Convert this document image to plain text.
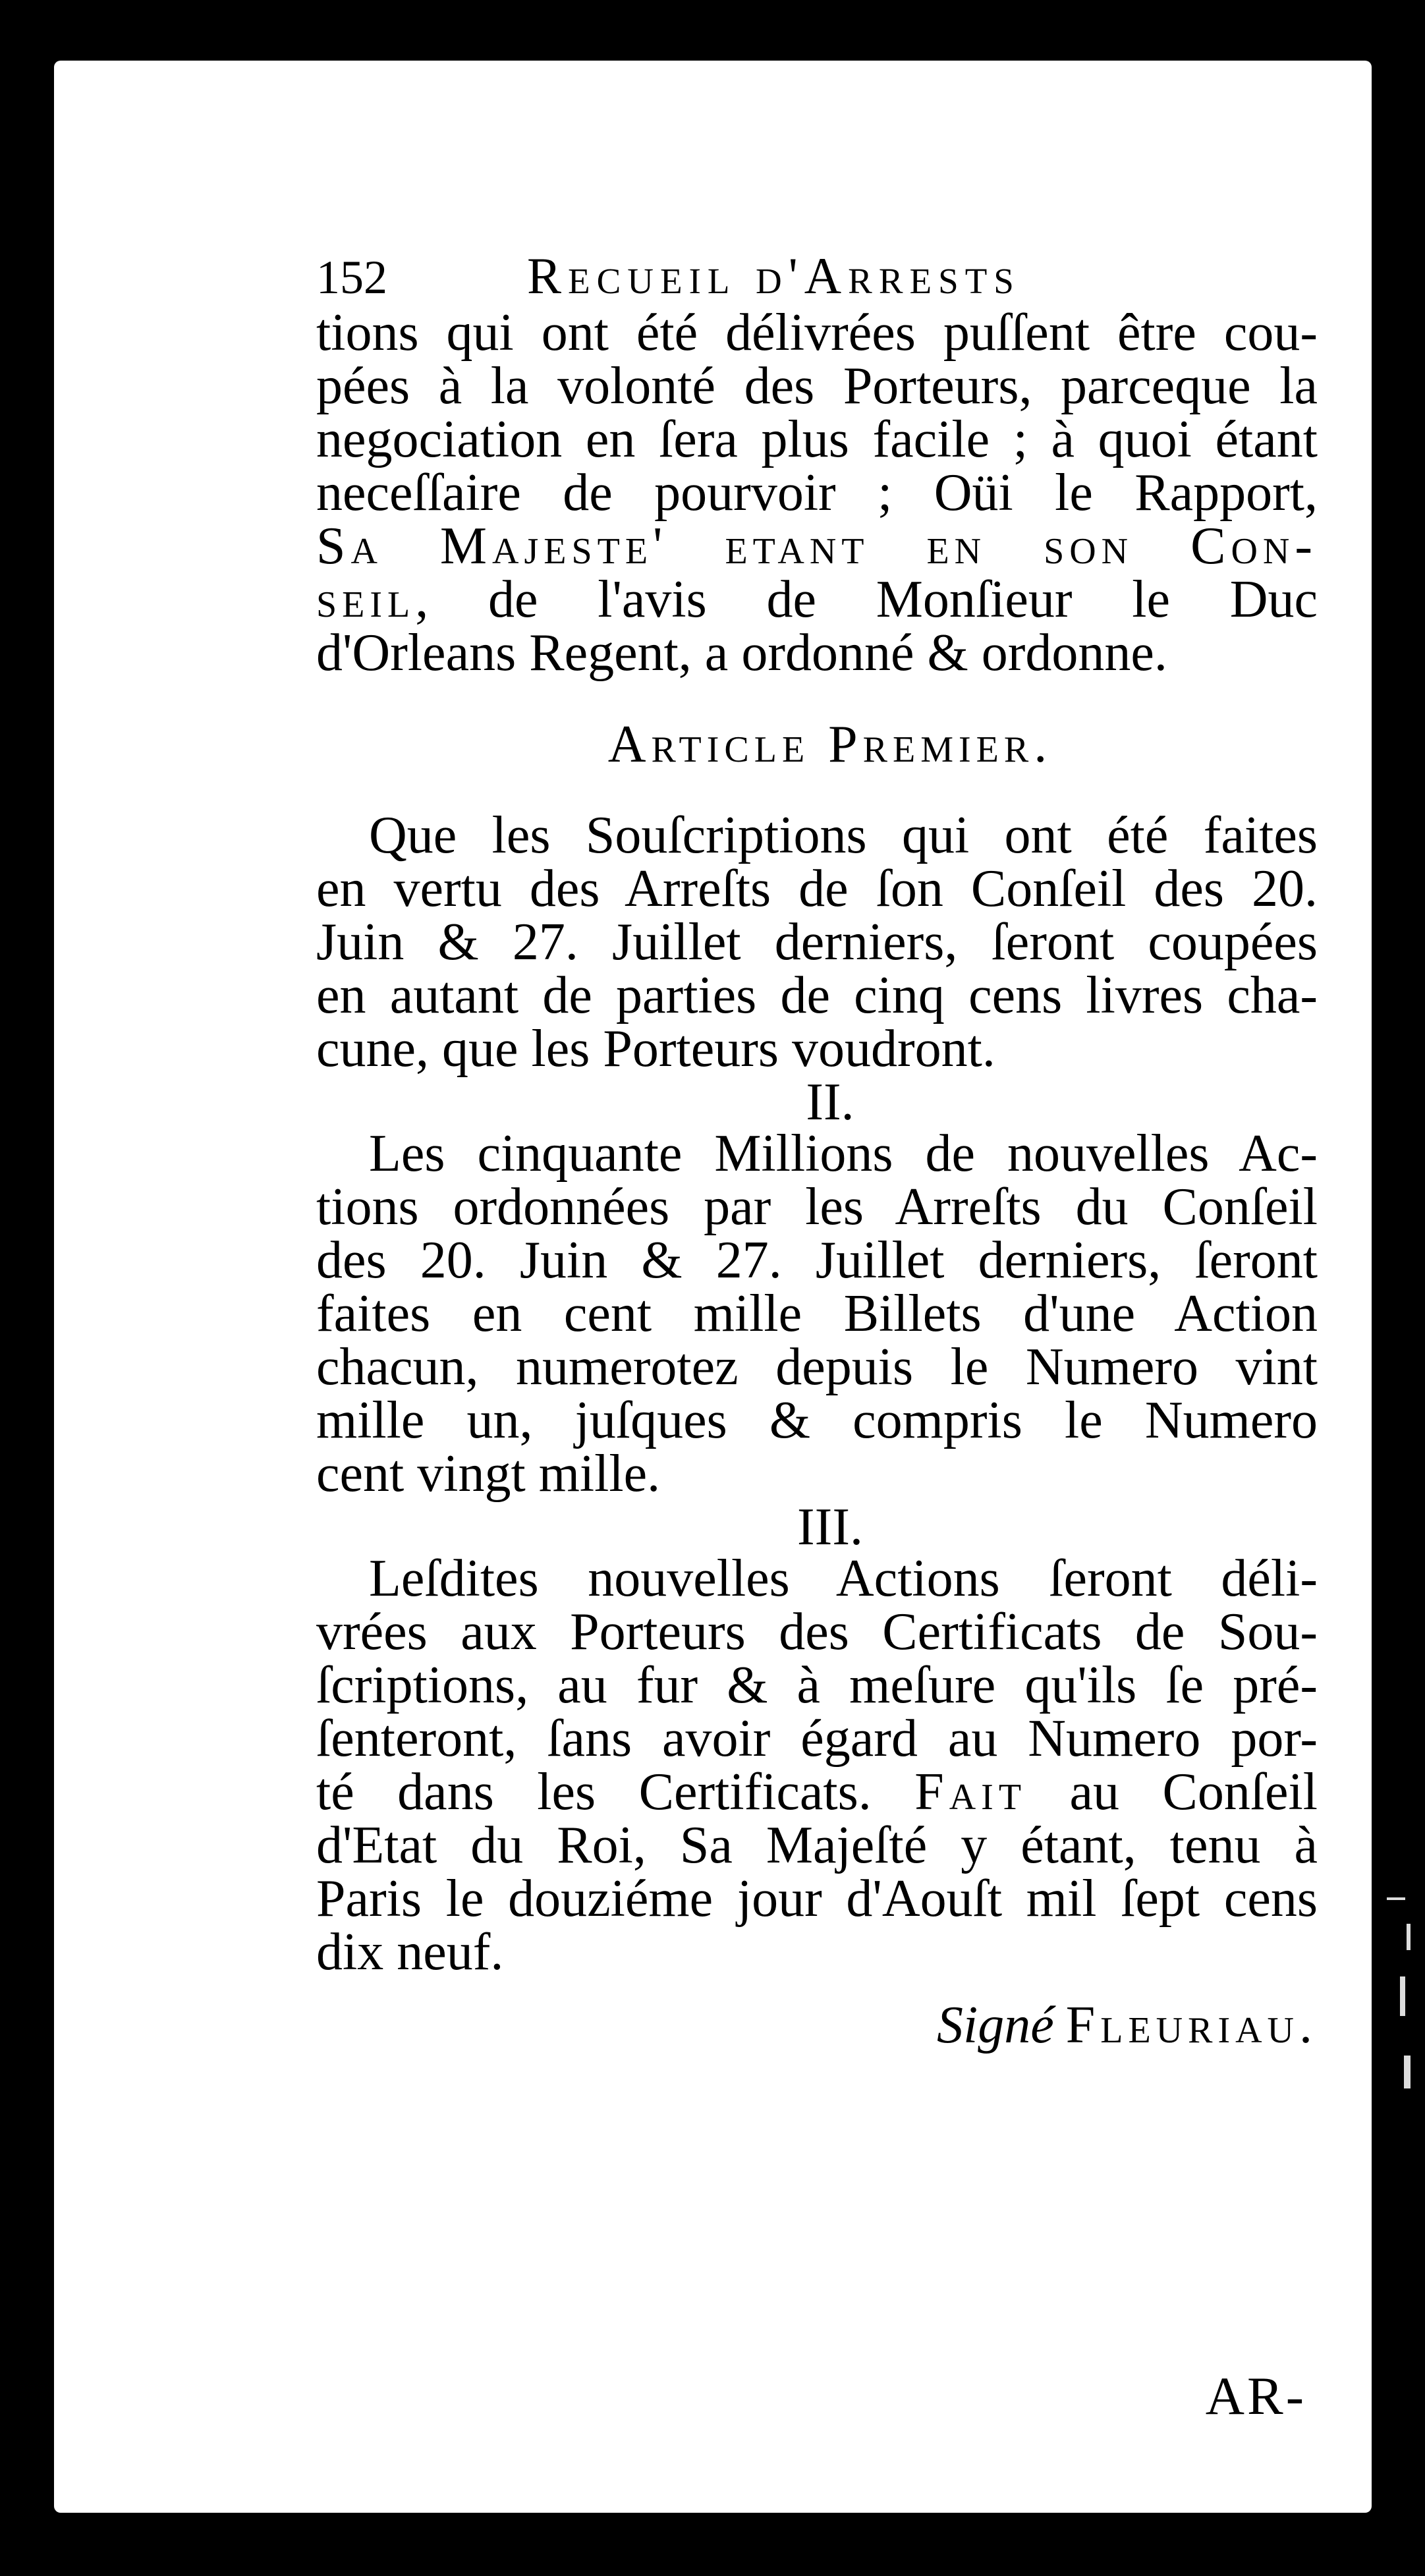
152	Recueil d'Arrests
tions qui ont été délivrées puſſent être cou-
pées à la volonté des Porteurs, parceque la
negociation en ſera plus facile ; à quoi étant
neceſſaire de pourvoir ; Oüi le Rapport,
Sa Majeste' etant en son Con-
seil, de l'avis de Monſieur le Duc
d'Orleans Regent, a ordonné & ordonne.
Article Premier.
Que les Souſcriptions qui ont été faites
en vertu des Arreſts de ſon Conſeil des 20.
Juin & 27. Juillet derniers, ſeront coupées
en autant de parties de cinq cens livres cha-
cune, que les Porteurs voudront.
II.
Les cinquante Millions de nouvelles Ac-
tions ordonnées par les Arreſts du Conſeil
des 20. Juin & 27. Juillet derniers, ſeront
faites en cent mille Billets d'une Action
chacun, numerotez depuis le Numero vint
mille un, juſques & compris le Numero
cent vingt mille.
III.
Leſdites nouvelles Actions ſeront déli-
vrées aux Porteurs des Certificats de Sou-
ſcriptions, au fur & à meſure qu'ils ſe pré-
ſenteront, ſans avoir égard au Numero por-
té dans les Certificats. Fait au Conſeil
d'Etat du Roi, Sa Majeſté y étant, tenu à
Paris le douziéme jour d'Aouſt mil ſept cens
dix neuf.
Signé Fleuriau.
AR-
